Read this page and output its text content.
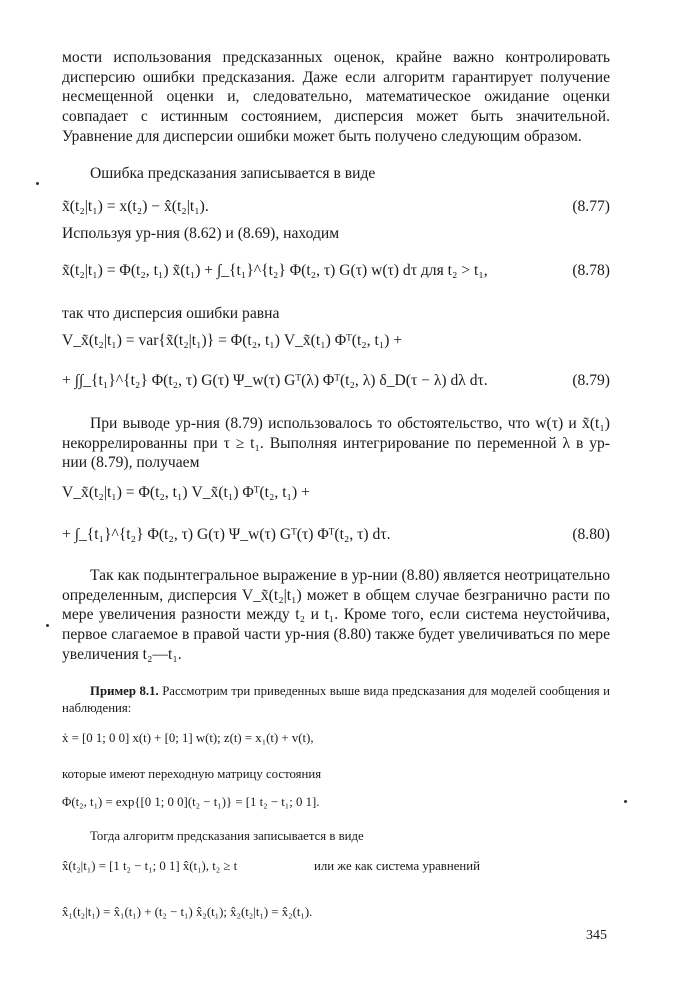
мости использования предсказанных оценок, крайне важно контролировать дисперсию ошибки предсказания. Даже если алгоритм гарантирует получение несмещенной оценки и, следовательно, математическое ожидание оценки совпадает с истинным состоянием, дисперсия может быть значительной. Уравнение для дисперсии ошибки может быть получено следующим образом.

Ошибка предсказания записывается в виде

x̃(t₂|t₁) = x(t₂) − x̂(t₂|t₁).	(8.77)

Используя ур-ния (8.62) и (8.69), находим

x̃(t₂|t₁) = Φ(t₂, t₁) x̃(t₁) + ∫_{t₁}^{t₂} Φ(t₂, τ) G(τ) w(τ) dτ для t₂ > t₁,	(8.78)

так что дисперсия ошибки равна

V_x̃(t₂|t₁) = var{x̃(t₂|t₁)} = Φ(t₂, t₁) V_x̃(t₁) Φᵀ(t₂, t₁) +
+ ∫∫_{t₁}^{t₂} Φ(t₂, τ) G(τ) Ψ_w(τ) Gᵀ(λ) Φᵀ(t₂, λ) δ_D(τ − λ) dλ dτ.	(8.79)

При выводе ур-ния (8.79) использовалось то обстоятельство, что w(τ) и x̃(t₁) некоррелированны при τ ≥ t₁. Выполняя интегрирование по переменной λ в ур-нии (8.79), получаем

V_x̃(t₂|t₁) = Φ(t₂, t₁) V_x̃(t₁) Φᵀ(t₂, t₁) +
+ ∫_{t₁}^{t₂} Φ(t₂, τ) G(τ) Ψ_w(τ) Gᵀ(τ) Φᵀ(t₂, τ) dτ.	(8.80)

Так как подынтегральное выражение в ур-нии (8.80) является неотрицательно определенным, дисперсия V_x̃(t₂|t₁) может в общем случае безгранично расти по мере увеличения разности между t₂ и t₁. Кроме того, если система неустойчива, первое слагаемое в правой части ур-ния (8.80) также будет увеличиваться по мере увеличения t₂—t₁.

Пример 8.1. Рассмотрим три приведенных выше вида предсказания для моделей сообщения и наблюдения:

ẋ = [0 1; 0 0] x(t) + [0; 1] w(t); z(t) = x₁(t) + v(t),

которые имеют переходную матрицу состояния

Φ(t₂, t₁) = exp{[0 1; 0 0](t₂ − t₁)} = [1 t₂ − t₁; 0 1].

Тогда алгоритм предсказания записывается в виде

x̂(t₂|t₁) = [1 t₂ − t₁; 0 1] x̂(t₁), t₂ ≥ t	или же как система уравнений
x̂₁(t₂|t₁) = x̂₁(t₁) + (t₂ − t₁) x̂₂(t₁); x̂₂(t₂|t₁) = x̂₂(t₁).
345
